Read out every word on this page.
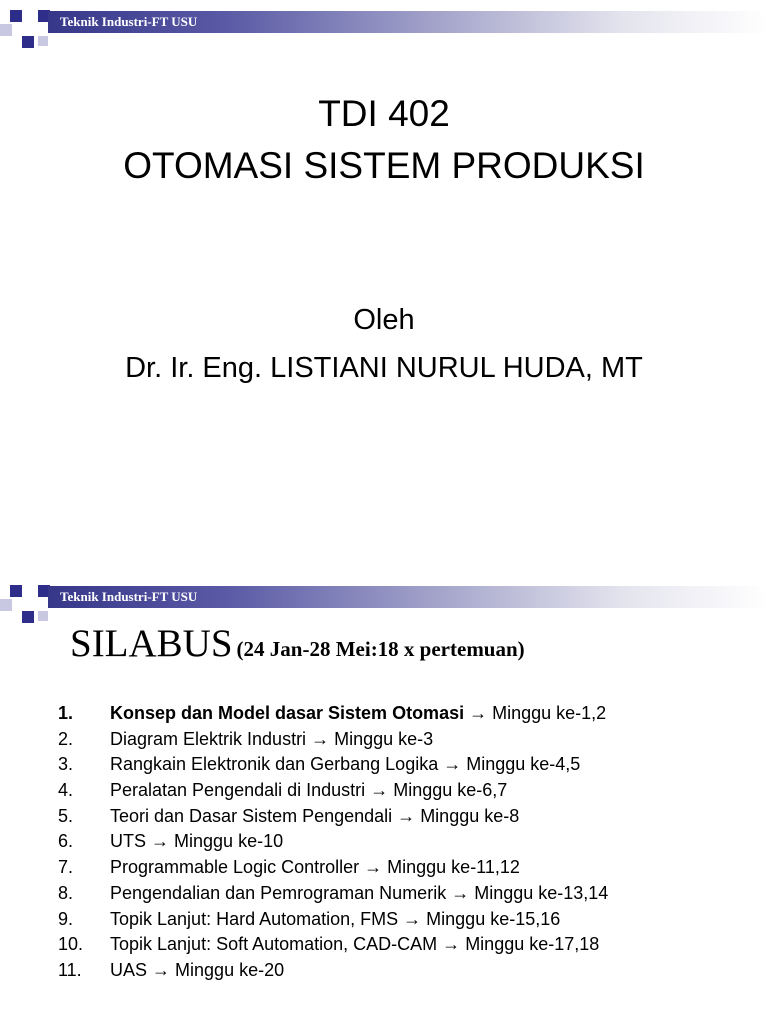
Teknik Industri-FT USU
TDI 402
OTOMASI SISTEM PRODUKSI
Oleh
Dr. Ir. Eng. LISTIANI NURUL HUDA, MT
Teknik Industri-FT USU
SILABUS (24 Jan-28 Mei:18 x pertemuan)
1. Konsep dan Model dasar Sistem Otomasi → Minggu ke-1,2
2. Diagram Elektrik Industri → Minggu ke-3
3. Rangkain Elektronik dan Gerbang Logika → Minggu ke-4,5
4. Peralatan Pengendali di Industri → Minggu ke-6,7
5. Teori dan Dasar Sistem Pengendali → Minggu ke-8
6. UTS → Minggu ke-10
7. Programmable Logic Controller → Minggu ke-11,12
8. Pengendalian dan Pemrograman Numerik → Minggu ke-13,14
9. Topik Lanjut: Hard Automation, FMS → Minggu ke-15,16
10. Topik Lanjut: Soft Automation, CAD-CAM → Minggu ke-17,18
11. UAS → Minggu ke-20
